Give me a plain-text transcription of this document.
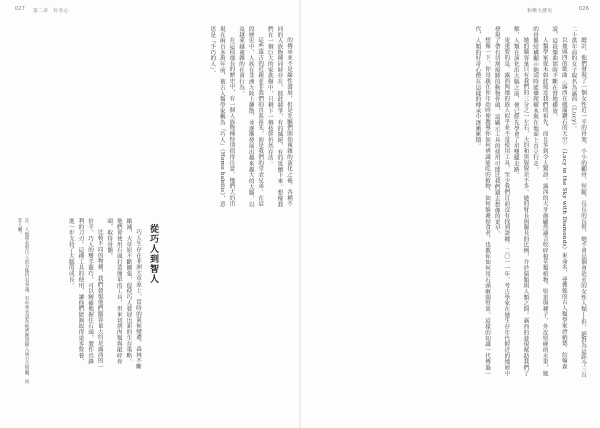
027 第二章　好奇心	和樂大歷史	026

總計，他們發現了一個女性近一半的骨架，小小的顱骨、短腿、長長的長臂，她不會是個會造火的女性人類──但，絕對為這距今三百二十萬年前的女子取名為露西（Lucy）。

以披頭四的歌曲〈露西在綴滿鑽石的天空〉（Lucy in the Sky with Diamonds）來命名，尋獲她的古人類學家唐納德．約翰森說，這段樂曲那時不斷在營地播放。

人類學家從未如此接近我們的祖先，而且多到令人驚訝。露西的大牙齒顯然適合咬碎根莖類植物、堅果與種子，外皮堅硬的水果，她的骨骼結構顯示她同時能攀爬樹木與在地面上直立行走。

她的腦容量只有我們的三分之一左右，大約和黑猩猩差不多。她的臂長與腿長的比例，介於猿類與人類之間。露西的發現幫助我們了解，人類在演化出大腦之前，便已經先學會了用雙腿走路。

更重要的是，露西與她的族人似乎並不常使用工具，至少我們目前沒有找到證據。二〇一一年，考古學家在她生存年代附近的地層中發現了帶有切割痕跡的動物骨頭，這顯示工具的使用可能比我們過去想像的更早。

想像一下，你母親在你年幼時便教導你如何辨識能吃的植物、如何躲避掠食者，也教你如何用石頭砸開堅果。這樣的知識一代傳過一代，人類的好奇心便在這樣的傳承中逐漸累積。

的傳承並不是線性發展，但是先驅們開始複雜的演化之後，各種不同的人族物種同時存在，彼此競爭，有的滅絕，有的延續下來。想像我們在一個巨大的家族樹中，只剩下一個枝幹仍然存活。

這些遠古的近親並非我們的直系祖先，而是我們的堂表兄弟。在這段歷史中，人族在非洲大陸上擴散，並逐漸發展出越來越大的大腦，以及越來越複雜的社會行為。

在這段漫長的歷史中，有一個人族物種特別值得注意。牠們大約出現在兩百多萬年前，被古人類學家稱為「巧人」（Homo habilis），意思是「手巧的人」。

從巧人到智人

巧人生存在非洲大草原上。當時的氣候變遷，森林不斷縮減，大草原不斷擴張，促使巧人發展出新的生存策略。他們會使用石頭打造簡單的工具，用來切割肉類與敲碎骨頭，取得骨髓。

比較不同的物種，我們發現他們腦容量大約是露西的一倍半。巧人的雙手靈巧，可以精確地握住石頭，製作出鋒利的刀刃。這種工具的使用，讓他們能夠取得更多營養，進一步支持了大腦的成長。

註：人類學家對巧人的分類仍有爭議，有些學者認為牠們應該歸入南方古猿屬，而非人屬。
